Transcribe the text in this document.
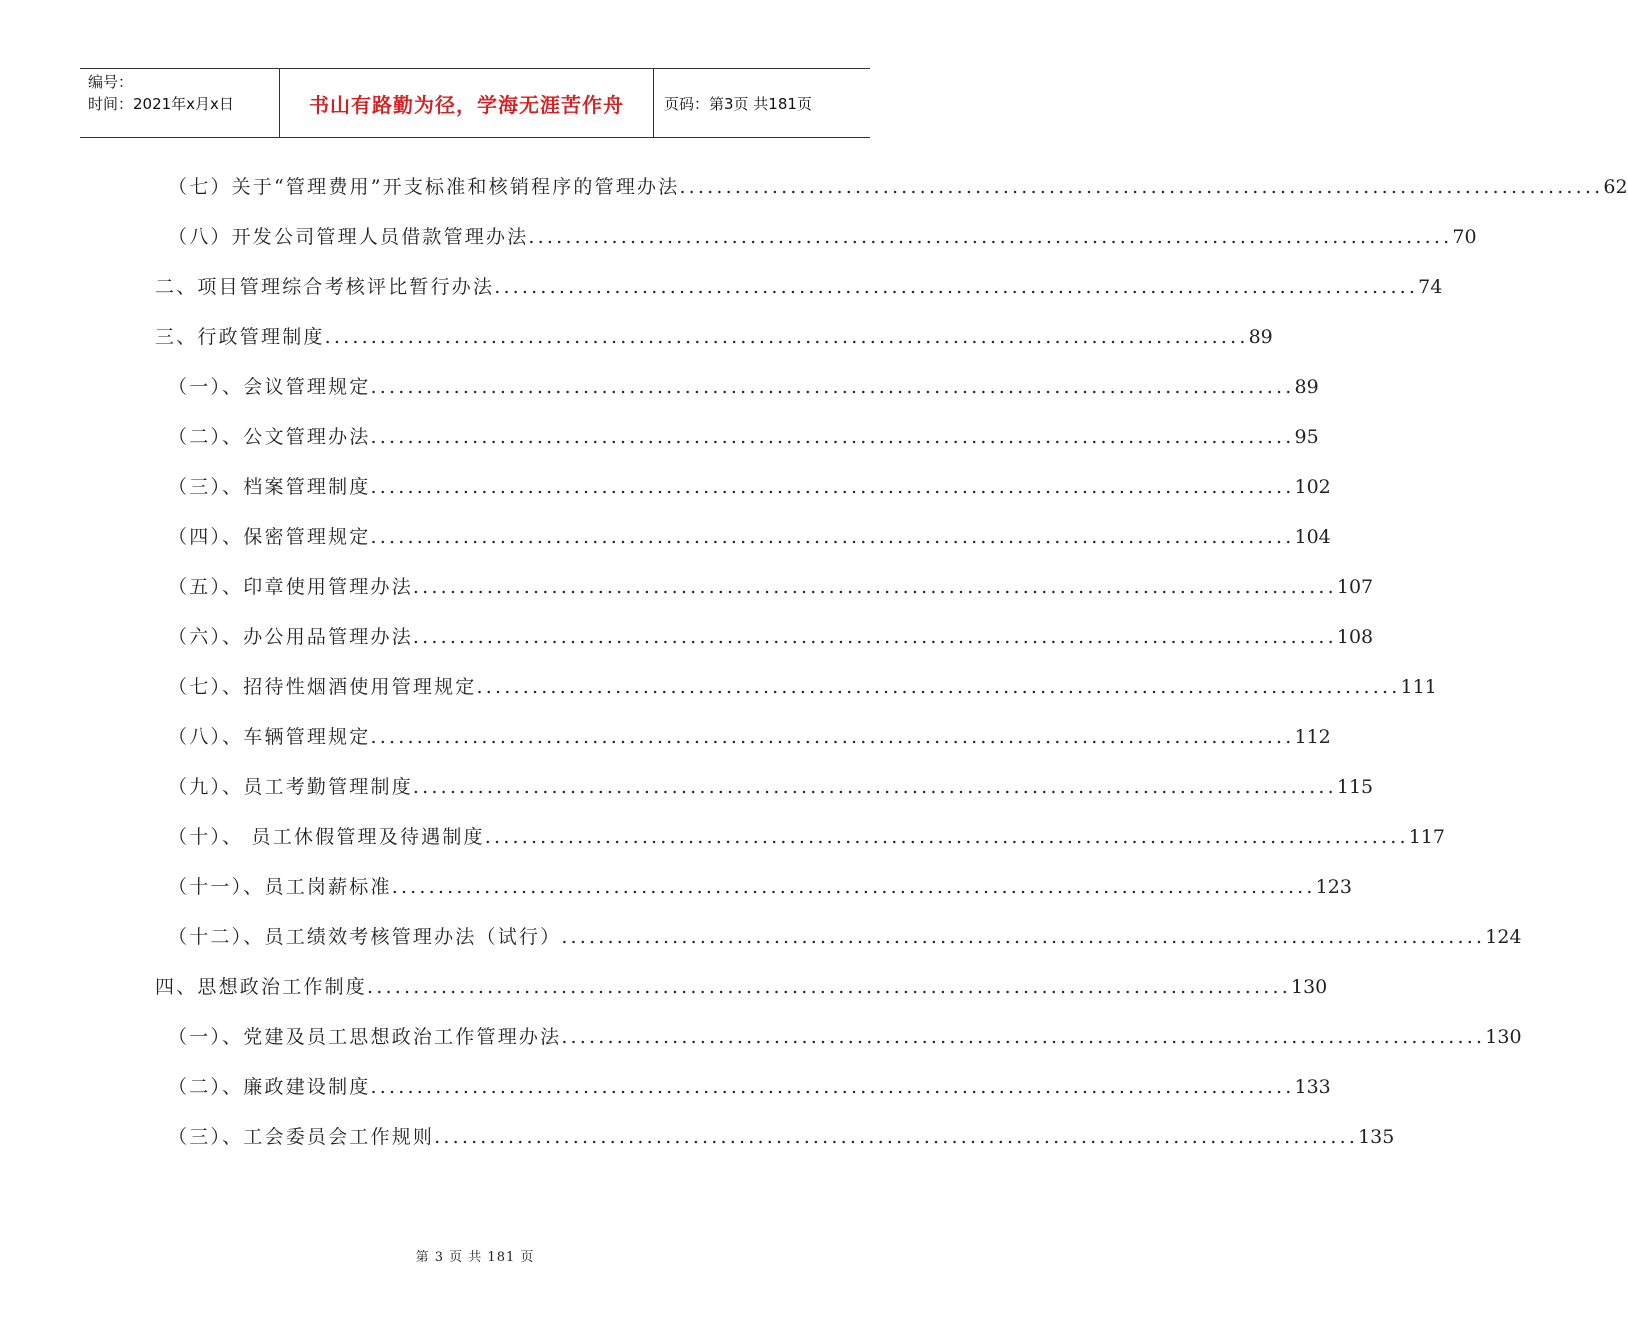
编号：
时间：2021年x月x日	书山有路勤为径，学海无涯苦作舟	页码：第3页 共181页
（七）关于“管理费用”开支标准和核销程序的管理办法 .................................................................................................... 62
（八）开发公司管理人员借款管理办法 .................................................................................................... 70
二、项目管理综合考核评比暂行办法 .................................................................................................... 74
三、行政管理制度 .................................................................................................... 89
（一）、会议管理规定 .................................................................................................... 89
（二）、公文管理办法 .................................................................................................... 95
（三）、档案管理制度 .................................................................................................... 102
（四）、保密管理规定 .................................................................................................... 104
（五）、印章使用管理办法 .................................................................................................... 107
（六）、办公用品管理办法 .................................................................................................... 108
（七）、招待性烟酒使用管理规定 .................................................................................................... 111
（八）、车辆管理规定 .................................................................................................... 112
（九）、员工考勤管理制度 .................................................................................................... 115
（十）、 员工休假管理及待遇制度 .................................................................................................... 117
（十一）、员工岗薪标准 .................................................................................................... 123
（十二）、员工绩效考核管理办法（试行） .................................................................................................... 124
四、思想政治工作制度 .................................................................................................... 130
（一）、党建及员工思想政治工作管理办法 .................................................................................................... 130
（二）、廉政建设制度 .................................................................................................... 133
（三）、工会委员会工作规则 .................................................................................................... 135
第 3 页 共 181 页
